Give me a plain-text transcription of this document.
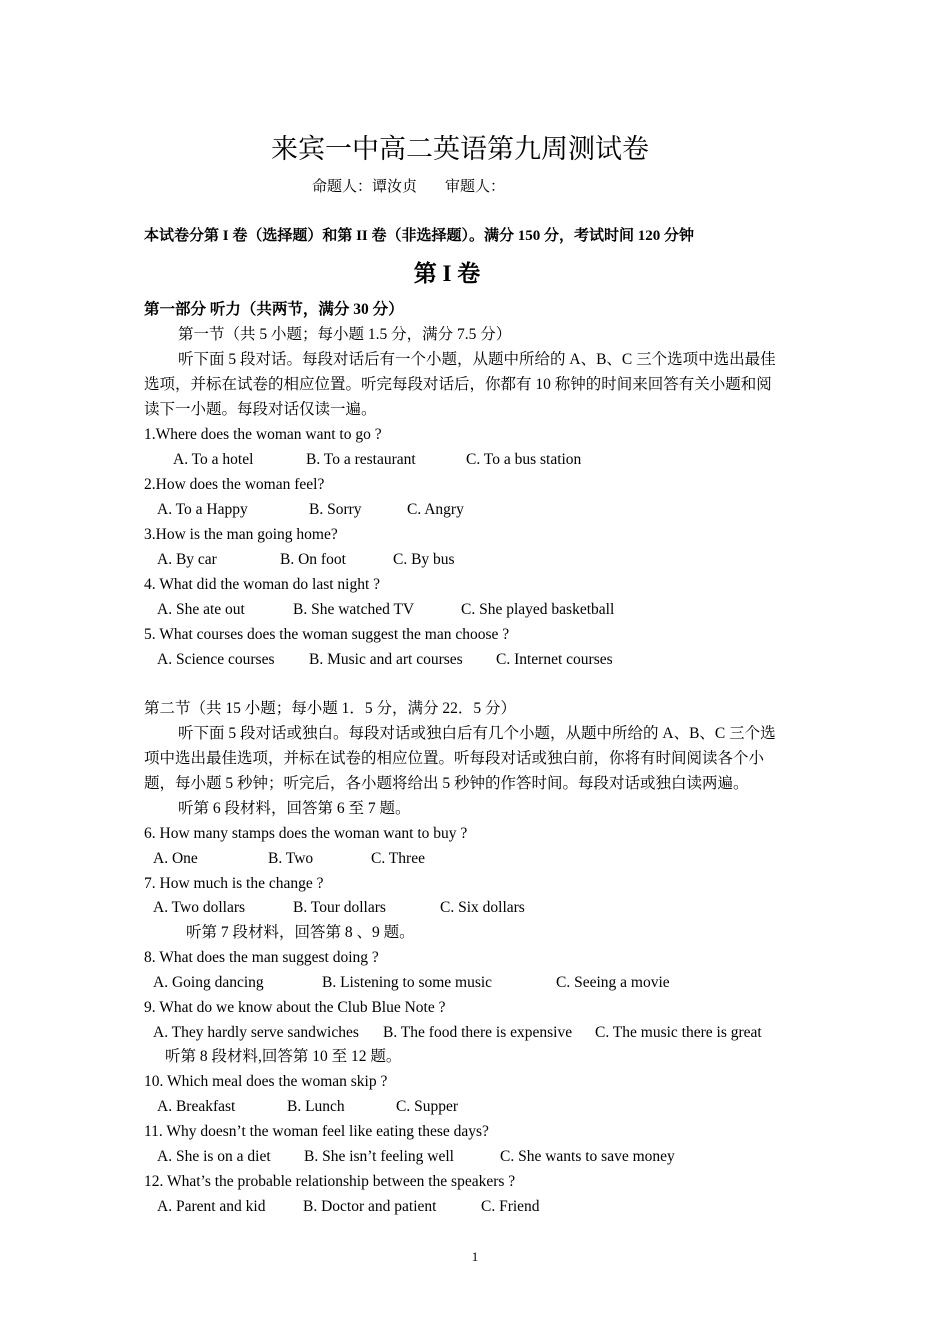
来宾一中高二英语第九周测试卷
命题人：谭汝贞 审题人：
本试卷分第 I 卷（选择题）和第 II 卷（非选择题）。满分 150 分，考试时间 120 分钟
第 I 卷
第一部分 听力（共两节，满分 30 分）
第一节（共 5 小题；每小题 1.5 分，满分 7.5 分）
听下面 5 段对话。每段对话后有一个小题，从题中所给的 A、B、C 三个选项中选出最佳
选项，并标在试卷的相应位置。听完每段对话后，你都有 10 称钟的时间来回答有关小题和阅
读下一小题。每段对话仅读一遍。
1.Where does the woman want to go ?
A. To a hotel	B. To a restaurant	C. To a bus station
2.How does the woman feel?
A. To a Happy	B. Sorry	C. Angry
3.How is the man going home?
A. By car	B. On foot	C. By bus
4. What did the woman do last night ?
A. She ate out	B. She watched TV	C. She played basketball
5. What courses does the woman suggest the man choose ?
A. Science courses B. Music and art courses C. Internet courses
第二节（共 15 小题；每小题 1．5 分，满分 22．5 分）
听下面 5 段对话或独白。每段对话或独白后有几个小题，从题中所给的 A、B、C 三个选
项中选出最佳选项，并标在试卷的相应位置。听每段对话或独白前，你将有时间阅读各个小
题，每小题 5 秒钟；听完后，各小题将给出 5 秒钟的作答时间。每段对话或独白读两遍。
听第 6 段材料，回答第 6 至 7 题。
6. How many stamps does the woman want to buy ?
A. One	B. Two	C. Three
7. How much is the change ?
A. Two dollars	B. Tour dollars	C. Six dollars
听第 7 段材料，回答第 8 、9 题。
8. What does the man suggest doing ?
A. Going dancing	B. Listening to some music	C. Seeing a movie
9. What do we know about the Club Blue Note ?
A. They hardly serve sandwiches B. The food there is expensive C. The music there is great
听第 8 段材料,回答第 10 至 12 题。
10. Which meal does the woman skip ?
A. Breakfast	B. Lunch	C. Supper
11. Why doesn’t the woman feel like eating these days?
A. She is on a diet B. She isn’t feeling well	C. She wants to save money
12. What’s the probable relationship between the speakers ?
A. Parent and kid B. Doctor and patient	C. Friend
1
